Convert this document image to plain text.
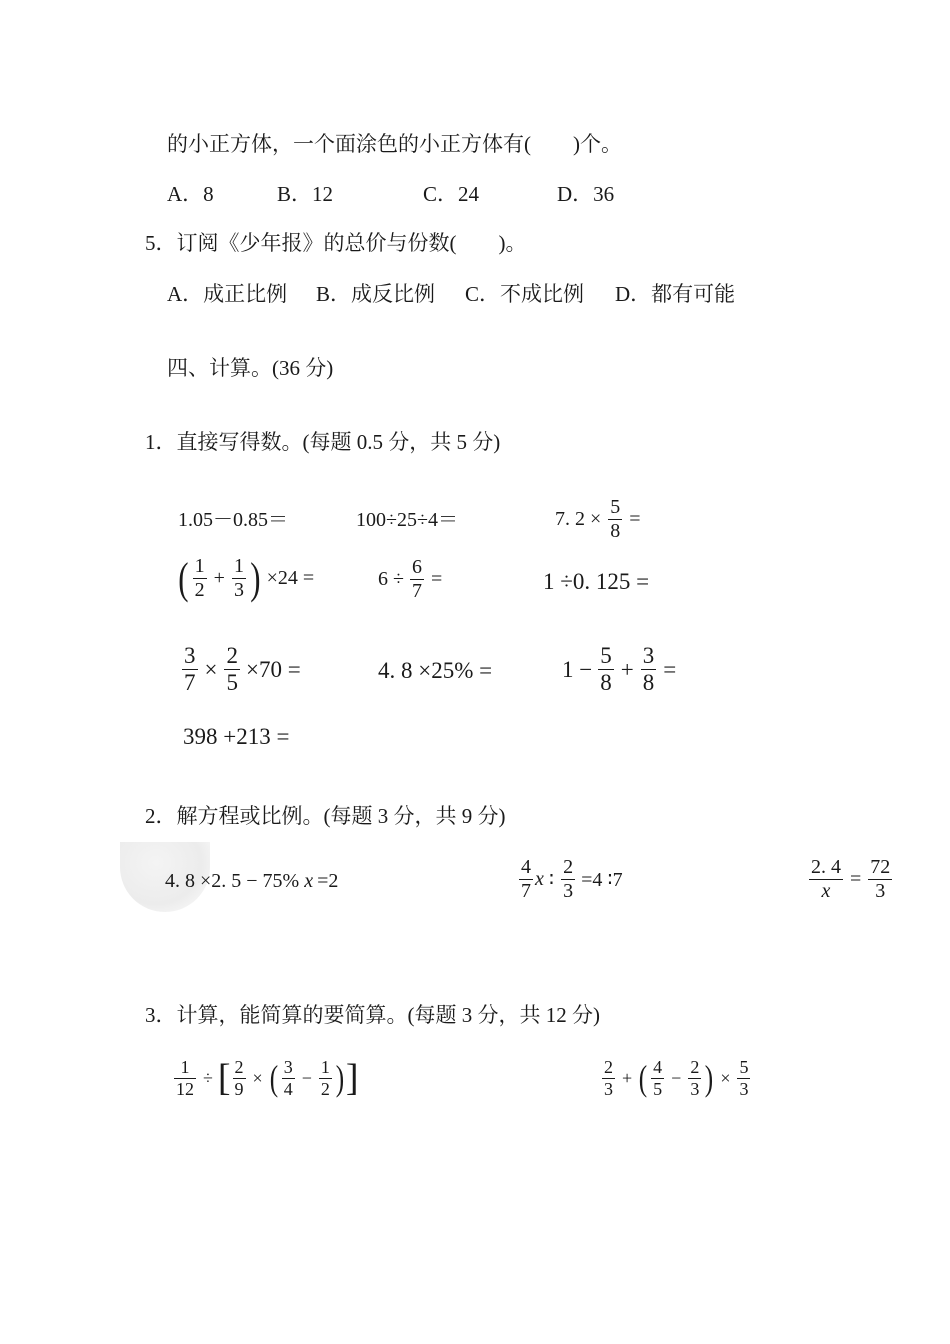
的小正方体，一个面涂色的小正方体有(　　)个。
A．8	B．12	C．24	D．36
5．订阅《少年报》的总价与份数(　　)。
A．成正比例 B．成反比例 C．不成比例 D．都有可能
四、计算。(36 分)
1．直接写得数。(每题 0.5 分，共 5 分)
1.05－0.85＝	100÷25÷4＝	7. $2 \times \frac{5}{8}$ =
( $\frac{1}{2} + \frac{1}{3}$ ) ×24 =	$6 \div \frac{6}{7}$ =	1 ÷0. 125 =
$\frac{3}{7} \times \frac{2}{5} \times 70$ =	4. 8 ×25% =	$1 - \frac{5}{8} + \frac{3}{8}$ =
398 +213 =
2．解方程或比例。(每题 3 分，共 9 分)
4. 8 ×2. 5 − 75% x =2	$\frac{4}{7}$ x ∶ $\frac{2}{3} =4$ ∶7	$\frac{2. 4}{x} = \frac{72}{3}$
3．计算，能简算的要简算。(每题 3 分，共 12 分)
$\frac{1}{12}$ ÷ [ $\frac{2}{9}$ × ( $\frac{3}{4} - \frac{1}{2}$ ) ]	$\frac{2}{3}$ + ( $\frac{4}{5} - \frac{2}{3}$ ) × $\frac{5}{3}$
